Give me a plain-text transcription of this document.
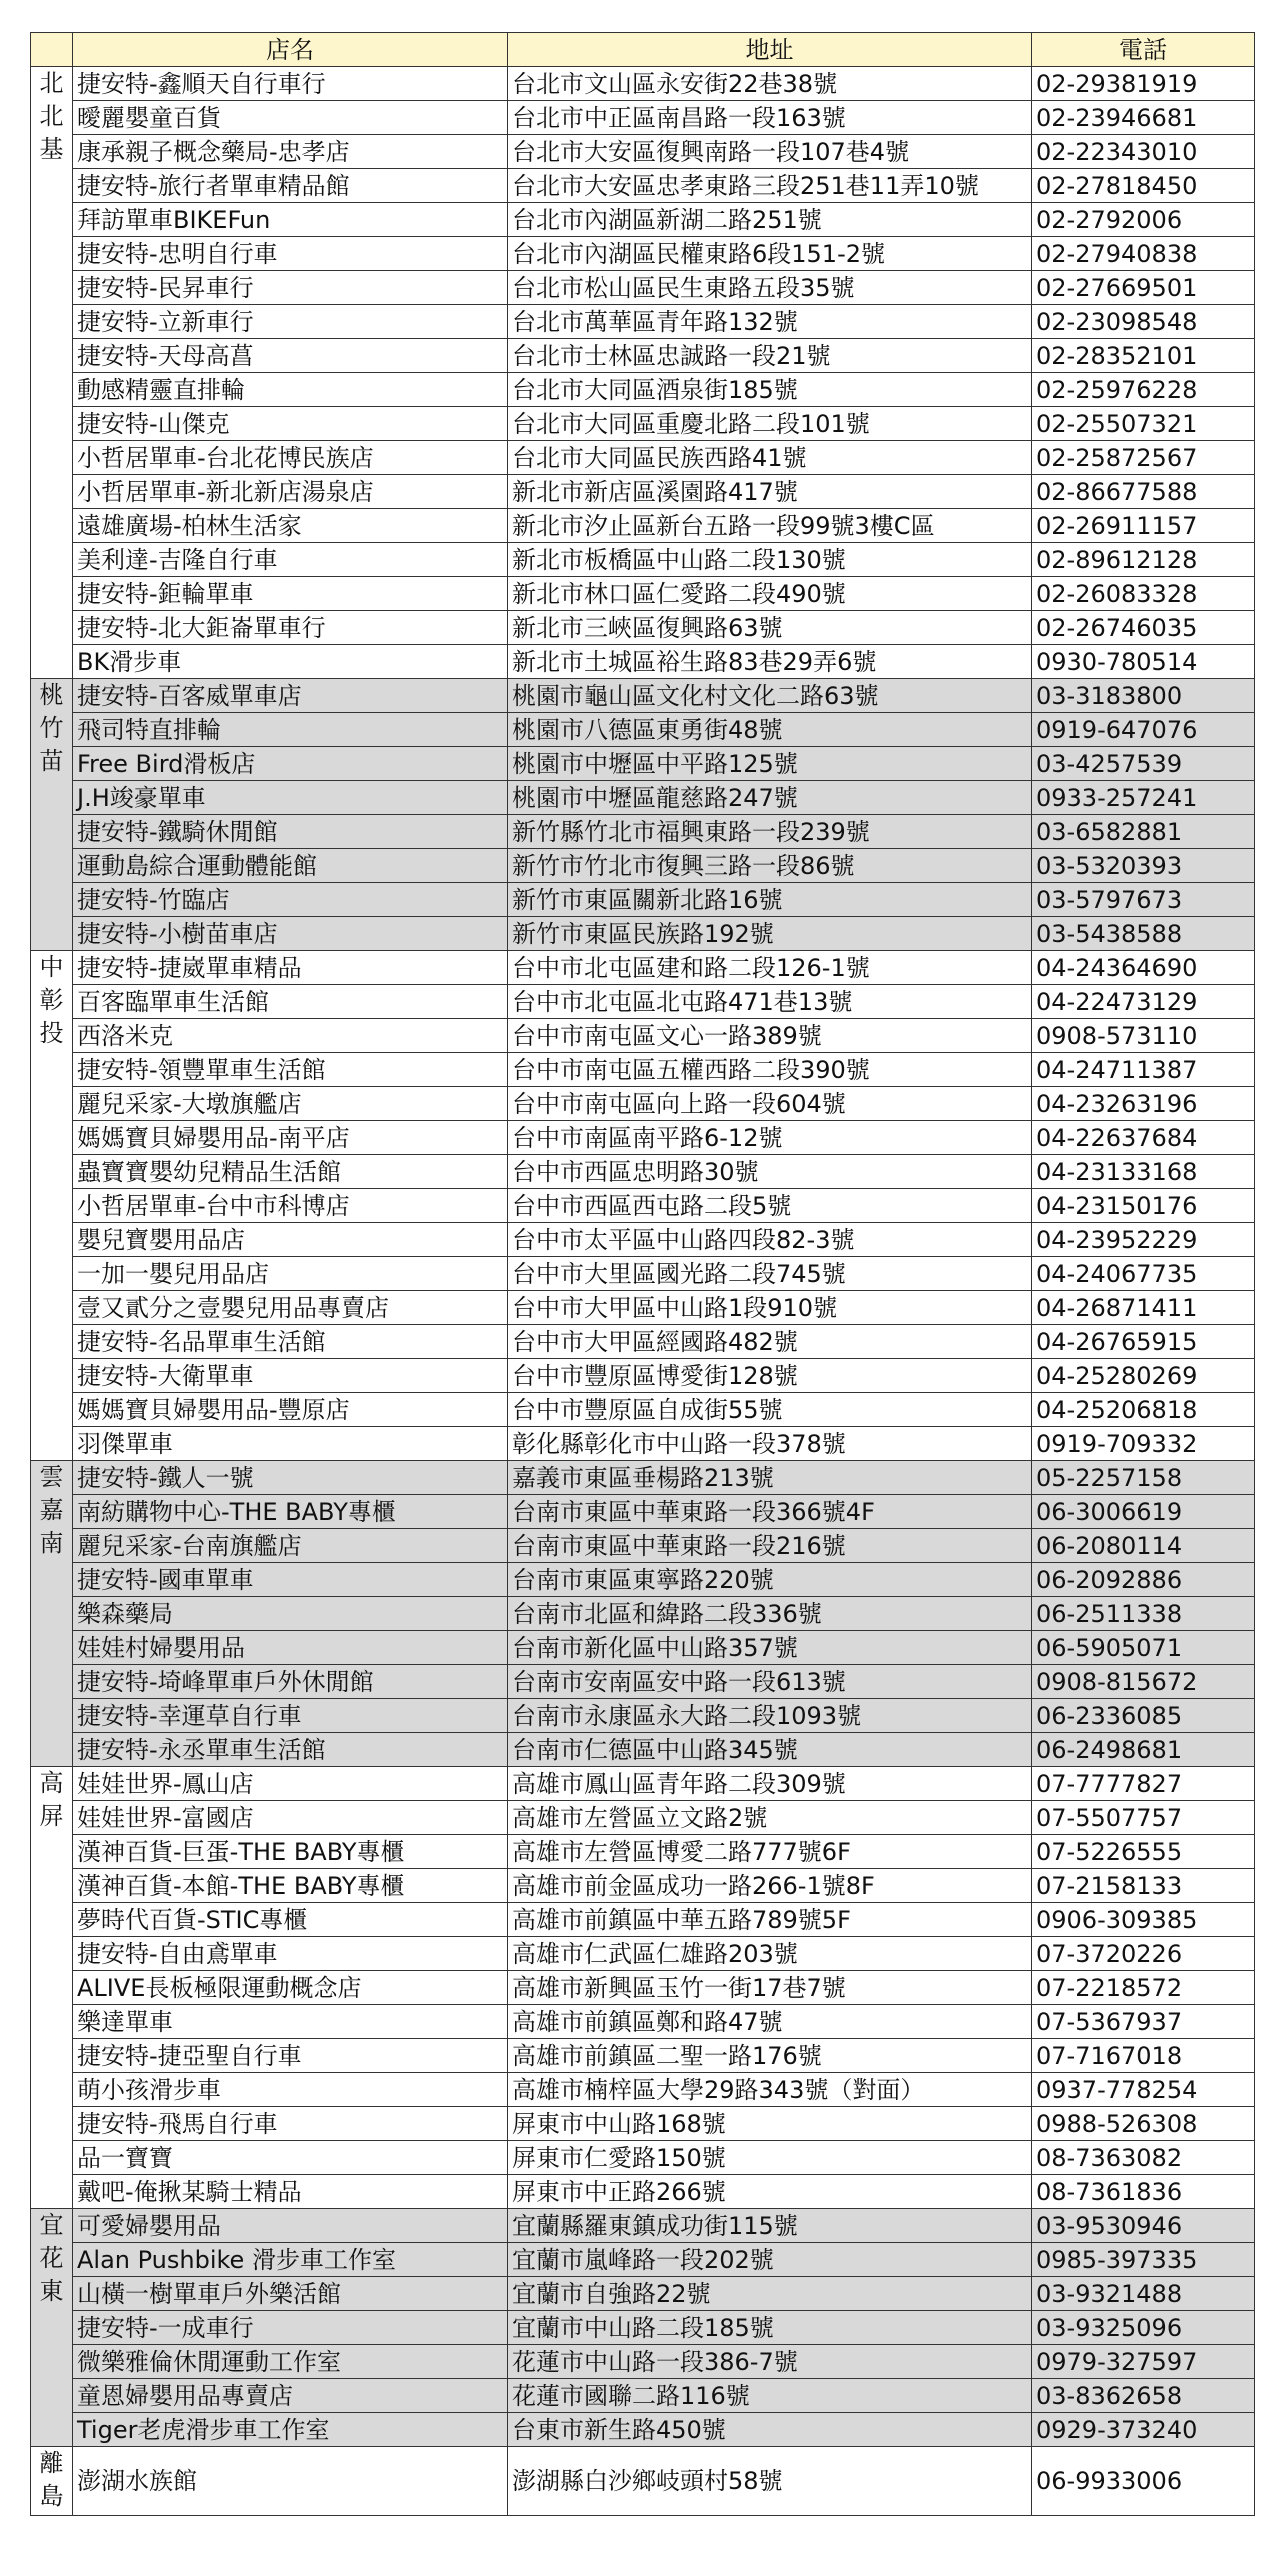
	店名	地址	電話
北北基	捷安特-鑫順天自行車行	台北市文山區永安街22巷38號	02-29381919
	曖麗嬰童百貨	台北市中正區南昌路一段163號	02-23946681
	康承親子概念藥局-忠孝店	台北市大安區復興南路一段107巷4號	02-22343010
	捷安特-旅行者單車精品館	台北市大安區忠孝東路三段251巷11弄10號	02-27818450
	拜訪單車BIKEFun	台北市內湖區新湖二路251號	02-2792006
	捷安特-忠明自行車	台北市內湖區民權東路6段151-2號	02-27940838
	捷安特-民昇車行	台北市松山區民生東路五段35號	02-27669501
	捷安特-立新車行	台北市萬華區青年路132號	02-23098548
	捷安特-天母高菖	台北市士林區忠誠路一段21號	02-28352101
	動感精靈直排輪	台北市大同區酒泉街185號	02-25976228
	捷安特-山傑克	台北市大同區重慶北路二段101號	02-25507321
	小哲居單車-台北花博民族店	台北市大同區民族西路41號	02-25872567
	小哲居單車-新北新店湯泉店	新北市新店區溪園路417號	02-86677588
	遠雄廣場-柏林生活家	新北市汐止區新台五路一段99號3樓C區	02-26911157
	美利達-吉隆自行車	新北市板橋區中山路二段130號	02-89612128
	捷安特-鉅輪單車	新北市林口區仁愛路二段490號	02-26083328
	捷安特-北大鉅崙單車行	新北市三峽區復興路63號	02-26746035
	BK滑步車	新北市土城區裕生路83巷29弄6號	0930-780514
桃竹苗	捷安特-百客威單車店	桃園市龜山區文化村文化二路63號	03-3183800
	飛司特直排輪	桃園市八德區東勇街48號	0919-647076
	Free Bird滑板店	桃園市中壢區中平路125號	03-4257539
	J.H竣豪單車	桃園市中壢區龍慈路247號	0933-257241
	捷安特-鐵騎休閒館	新竹縣竹北市福興東路一段239號	03-6582881
	運動島綜合運動體能館	新竹市竹北市復興三路一段86號	03-5320393
	捷安特-竹臨店	新竹市東區關新北路16號	03-5797673
	捷安特-小樹苗車店	新竹市東區民族路192號	03-5438588
中彰投	捷安特-捷崴單車精品	台中市北屯區建和路二段126-1號	04-24364690
	百客臨單車生活館	台中市北屯區北屯路471巷13號	04-22473129
	西洛米克	台中市南屯區文心一路389號	0908-573110
	捷安特-領豐單車生活館	台中市南屯區五權西路二段390號	04-24711387
	麗兒采家-大墩旗艦店	台中市南屯區向上路一段604號	04-23263196
	媽媽寶貝婦嬰用品-南平店	台中市南區南平路6-12號	04-22637684
	蟲寶寶嬰幼兒精品生活館	台中市西區忠明路30號	04-23133168
	小哲居單車-台中市科博店	台中市西區西屯路二段5號	04-23150176
	嬰兒寶嬰用品店	台中市太平區中山路四段82-3號	04-23952229
	一加一嬰兒用品店	台中市大里區國光路二段745號	04-24067735
	壹又貳分之壹嬰兒用品專賣店	台中市大甲區中山路1段910號	04-26871411
	捷安特-名品單車生活館	台中市大甲區經國路482號	04-26765915
	捷安特-大衛單車	台中市豐原區博愛街128號	04-25280269
	媽媽寶貝婦嬰用品-豐原店	台中市豐原區自成街55號	04-25206818
	羽傑單車	彰化縣彰化市中山路一段378號	0919-709332
雲嘉南	捷安特-鐵人一號	嘉義市東區垂楊路213號	05-2257158
	南紡購物中心-THE BABY專櫃	台南市東區中華東路一段366號4F	06-3006619
	麗兒采家-台南旗艦店	台南市東區中華東路一段216號	06-2080114
	捷安特-國車單車	台南市東區東寧路220號	06-2092886
	樂森藥局	台南市北區和緯路二段336號	06-2511338
	娃娃村婦嬰用品	台南市新化區中山路357號	06-5905071
	捷安特-埼峰單車戶外休閒館	台南市安南區安中路一段613號	0908-815672
	捷安特-幸運草自行車	台南市永康區永大路二段1093號	06-2336085
	捷安特-永丞單車生活館	台南市仁德區中山路345號	06-2498681
高屏	娃娃世界-鳳山店	高雄市鳳山區青年路二段309號	07-7777827
	娃娃世界-富國店	高雄市左營區立文路2號	07-5507757
	漢神百貨-巨蛋-THE BABY專櫃	高雄市左營區博愛二路777號6F	07-5226555
	漢神百貨-本館-THE BABY專櫃	高雄市前金區成功一路266-1號8F	07-2158133
	夢時代百貨-STIC專櫃	高雄市前鎮區中華五路789號5F	0906-309385
	捷安特-自由鳶單車	高雄市仁武區仁雄路203號	07-3720226
	ALIVE長板極限運動概念店	高雄市新興區玉竹一街17巷7號	07-2218572
	樂達單車	高雄市前鎮區鄭和路47號	07-5367937
	捷安特-捷亞聖自行車	高雄市前鎮區二聖一路176號	07-7167018
	萌小孩滑步車	高雄市楠梓區大學29路343號（對面）	0937-778254
	捷安特-飛馬自行車	屏東市中山路168號	0988-526308
	品一寶寶	屏東市仁愛路150號	08-7363082
	戴吧-俺揪某騎士精品	屏東市中正路266號	08-7361836
宜花東	可愛婦嬰用品	宜蘭縣羅東鎮成功街115號	03-9530946
	Alan Pushbike 滑步車工作室	宜蘭市嵐峰路一段202號	0985-397335
	山橫一樹單車戶外樂活館	宜蘭市自強路22號	03-9321488
	捷安特-一成車行	宜蘭市中山路二段185號	03-9325096
	微樂雅倫休閒運動工作室	花蓮市中山路一段386-7號	0979-327597
	童恩婦嬰用品專賣店	花蓮市國聯二路116號	03-8362658
	Tiger老虎滑步車工作室	台東市新生路450號	0929-373240
離島	澎湖水族館	澎湖縣白沙鄉岐頭村58號	06-9933006
